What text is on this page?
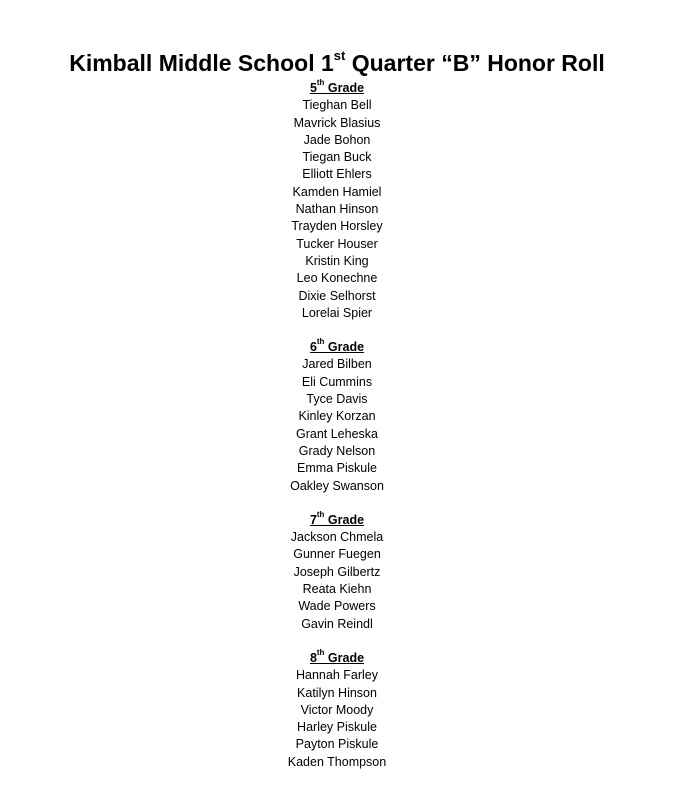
Kimball Middle School 1st Quarter “B” Honor Roll
5th Grade
Tieghan Bell
Mavrick Blasius
Jade Bohon
Tiegan Buck
Elliott Ehlers
Kamden Hamiel
Nathan Hinson
Trayden Horsley
Tucker Houser
Kristin King
Leo Konechne
Dixie Selhorst
Lorelai Spier
6th Grade
Jared Bilben
Eli Cummins
Tyce Davis
Kinley Korzan
Grant Leheska
Grady Nelson
Emma Piskule
Oakley Swanson
7th Grade
Jackson Chmela
Gunner Fuegen
Joseph Gilbertz
Reata Kiehn
Wade Powers
Gavin Reindl
8th Grade
Hannah Farley
Katilyn Hinson
Victor Moody
Harley Piskule
Payton Piskule
Kaden Thompson
